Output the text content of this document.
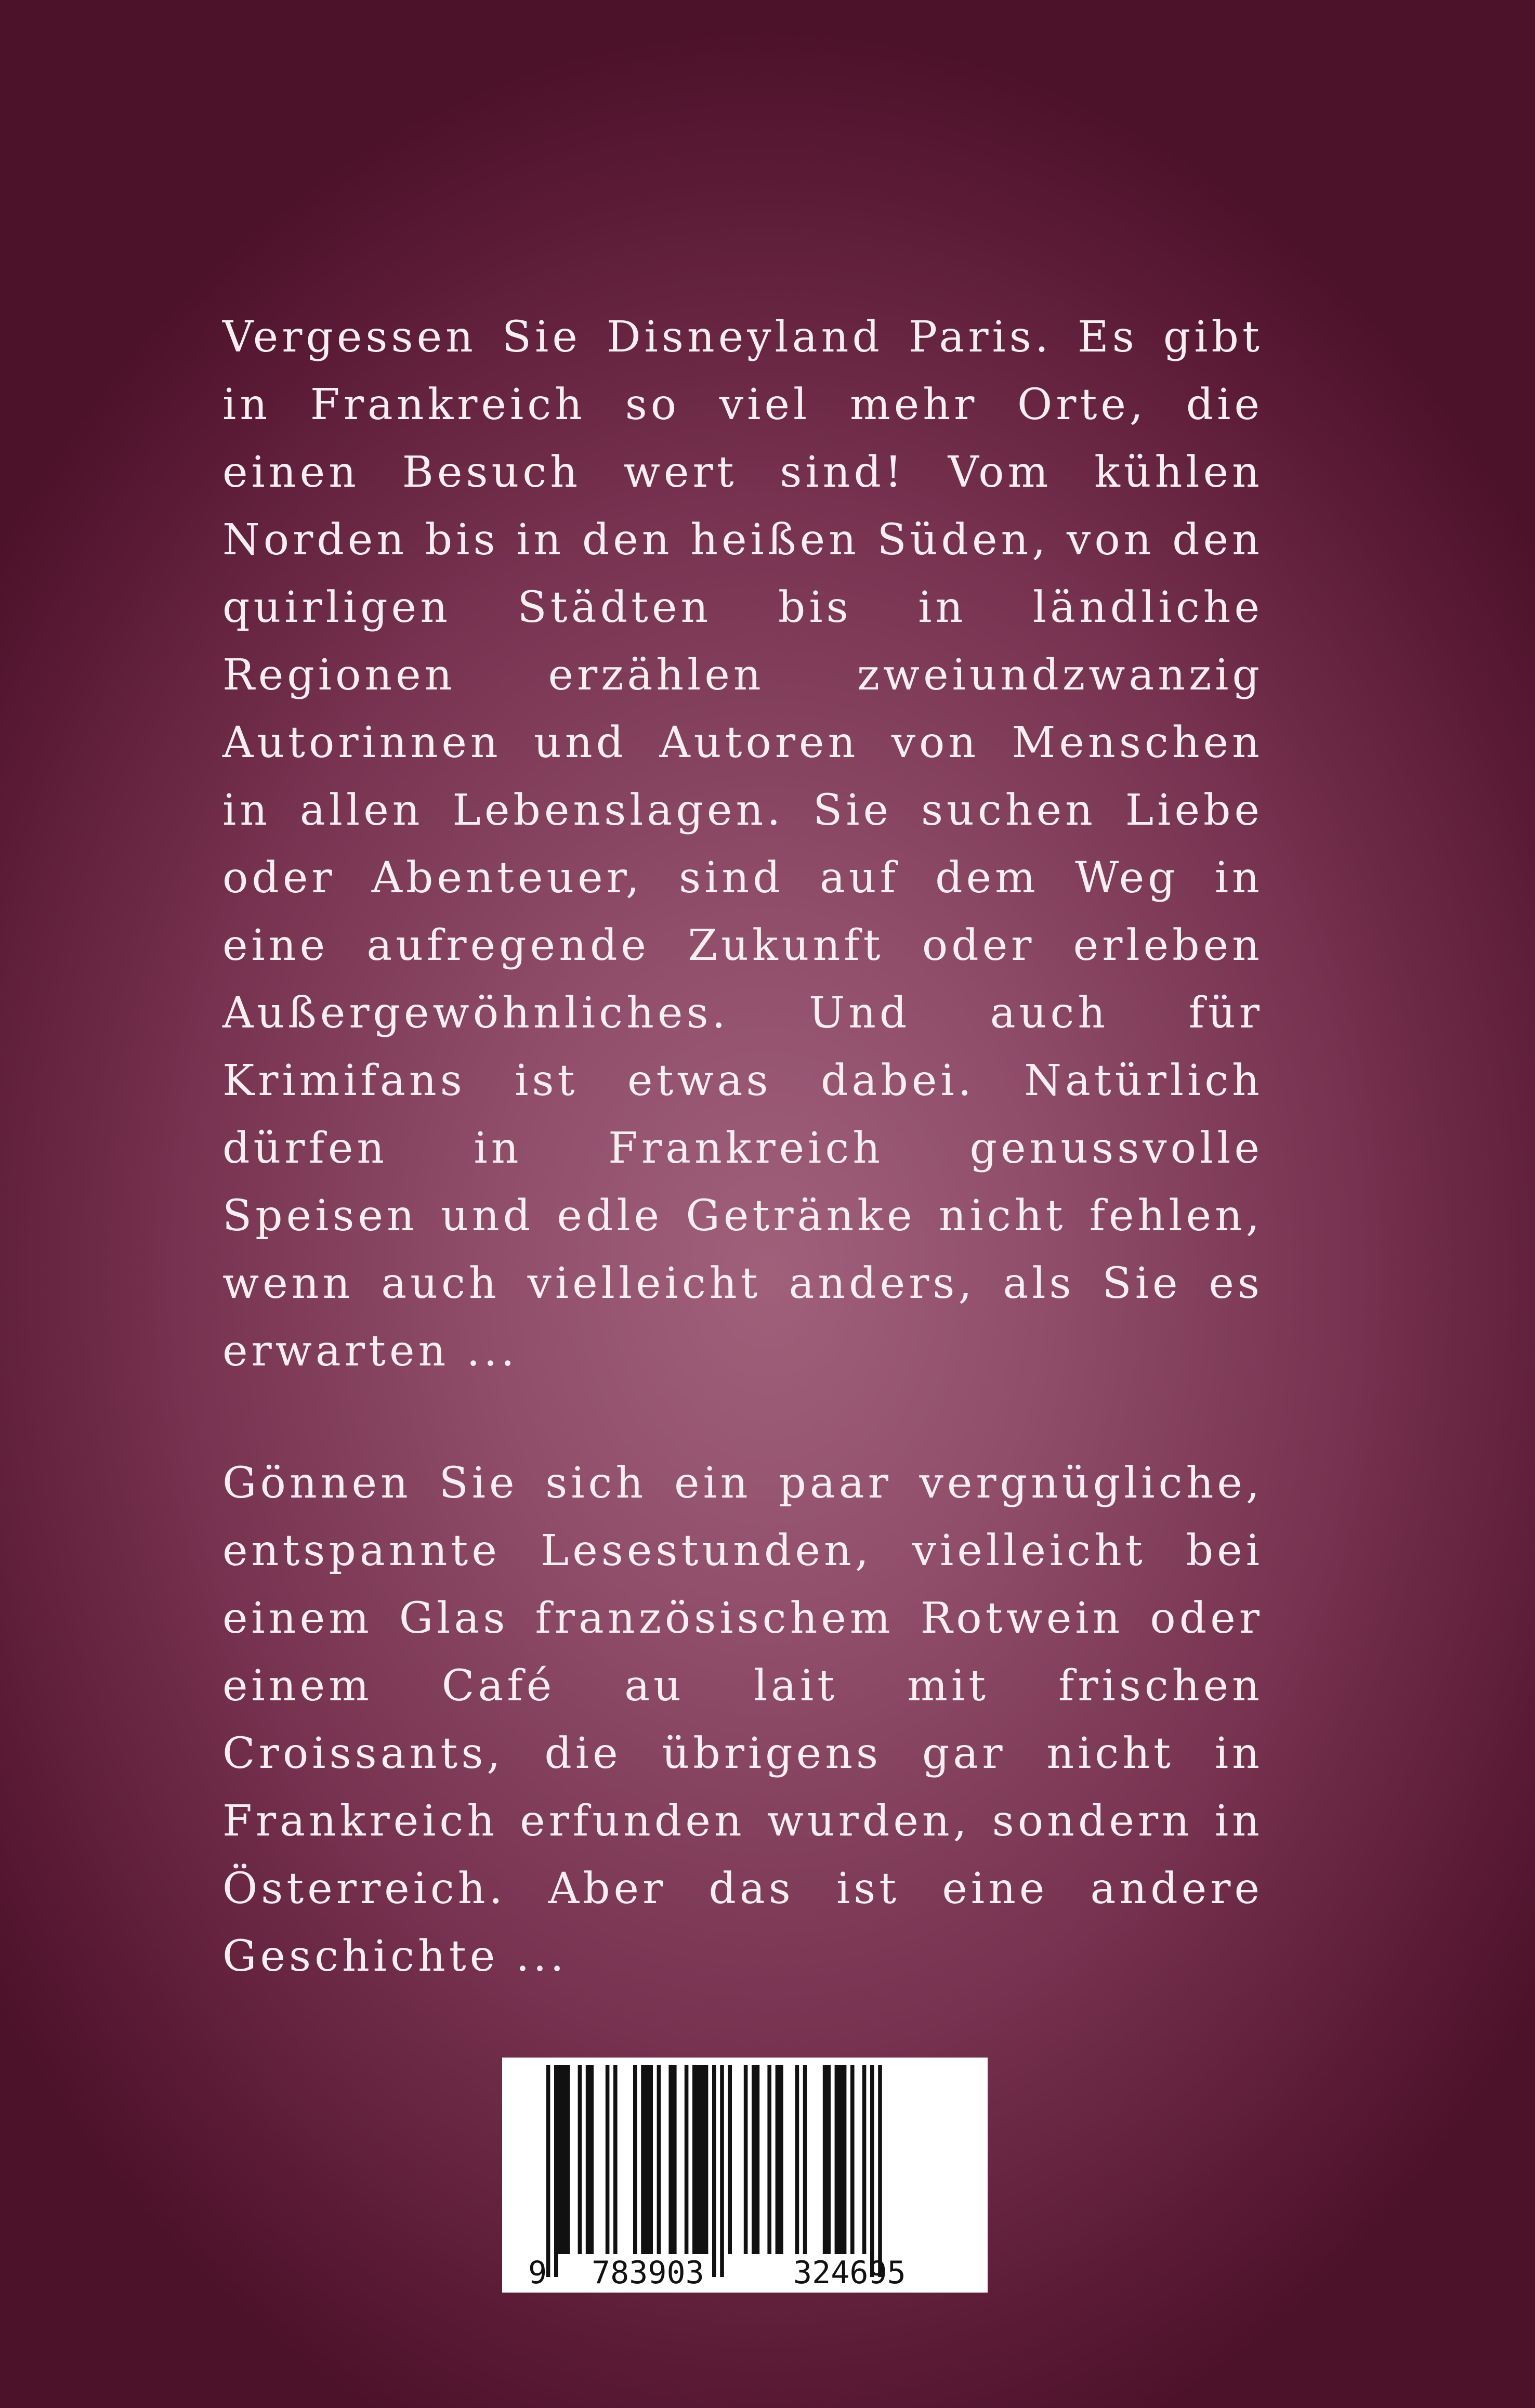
Vergessen Sie Disneyland Paris. Es gibt in Frankreich so viel mehr Orte, die einen Besuch wert sind! Vom kühlen Norden bis in den heißen Süden, von den quirligen Städten bis in ländliche Regionen erzählen zweiundzwanzig Autorinnen und Autoren von Menschen in allen Lebenslagen. Sie suchen Liebe oder Abenteuer, sind auf dem Weg in eine aufregende Zukunft oder erleben Außergewöhnliches. Und auch für Krimifans ist etwas dabei. Natürlich dürfen in Frankreich genussvolle Speisen und edle Getränke nicht fehlen, wenn auch vielleicht anders, als Sie es erwarten ...

Gönnen Sie sich ein paar vergnügliche, entspannte Lesestunden, vielleicht bei einem Glas französischem Rotwein oder einem Café au lait mit frischen Croissants, die übrigens gar nicht in Frankreich erfunden wurden, sondern in Österreich. Aber das ist eine andere Geschichte ...

9 783903	324695
